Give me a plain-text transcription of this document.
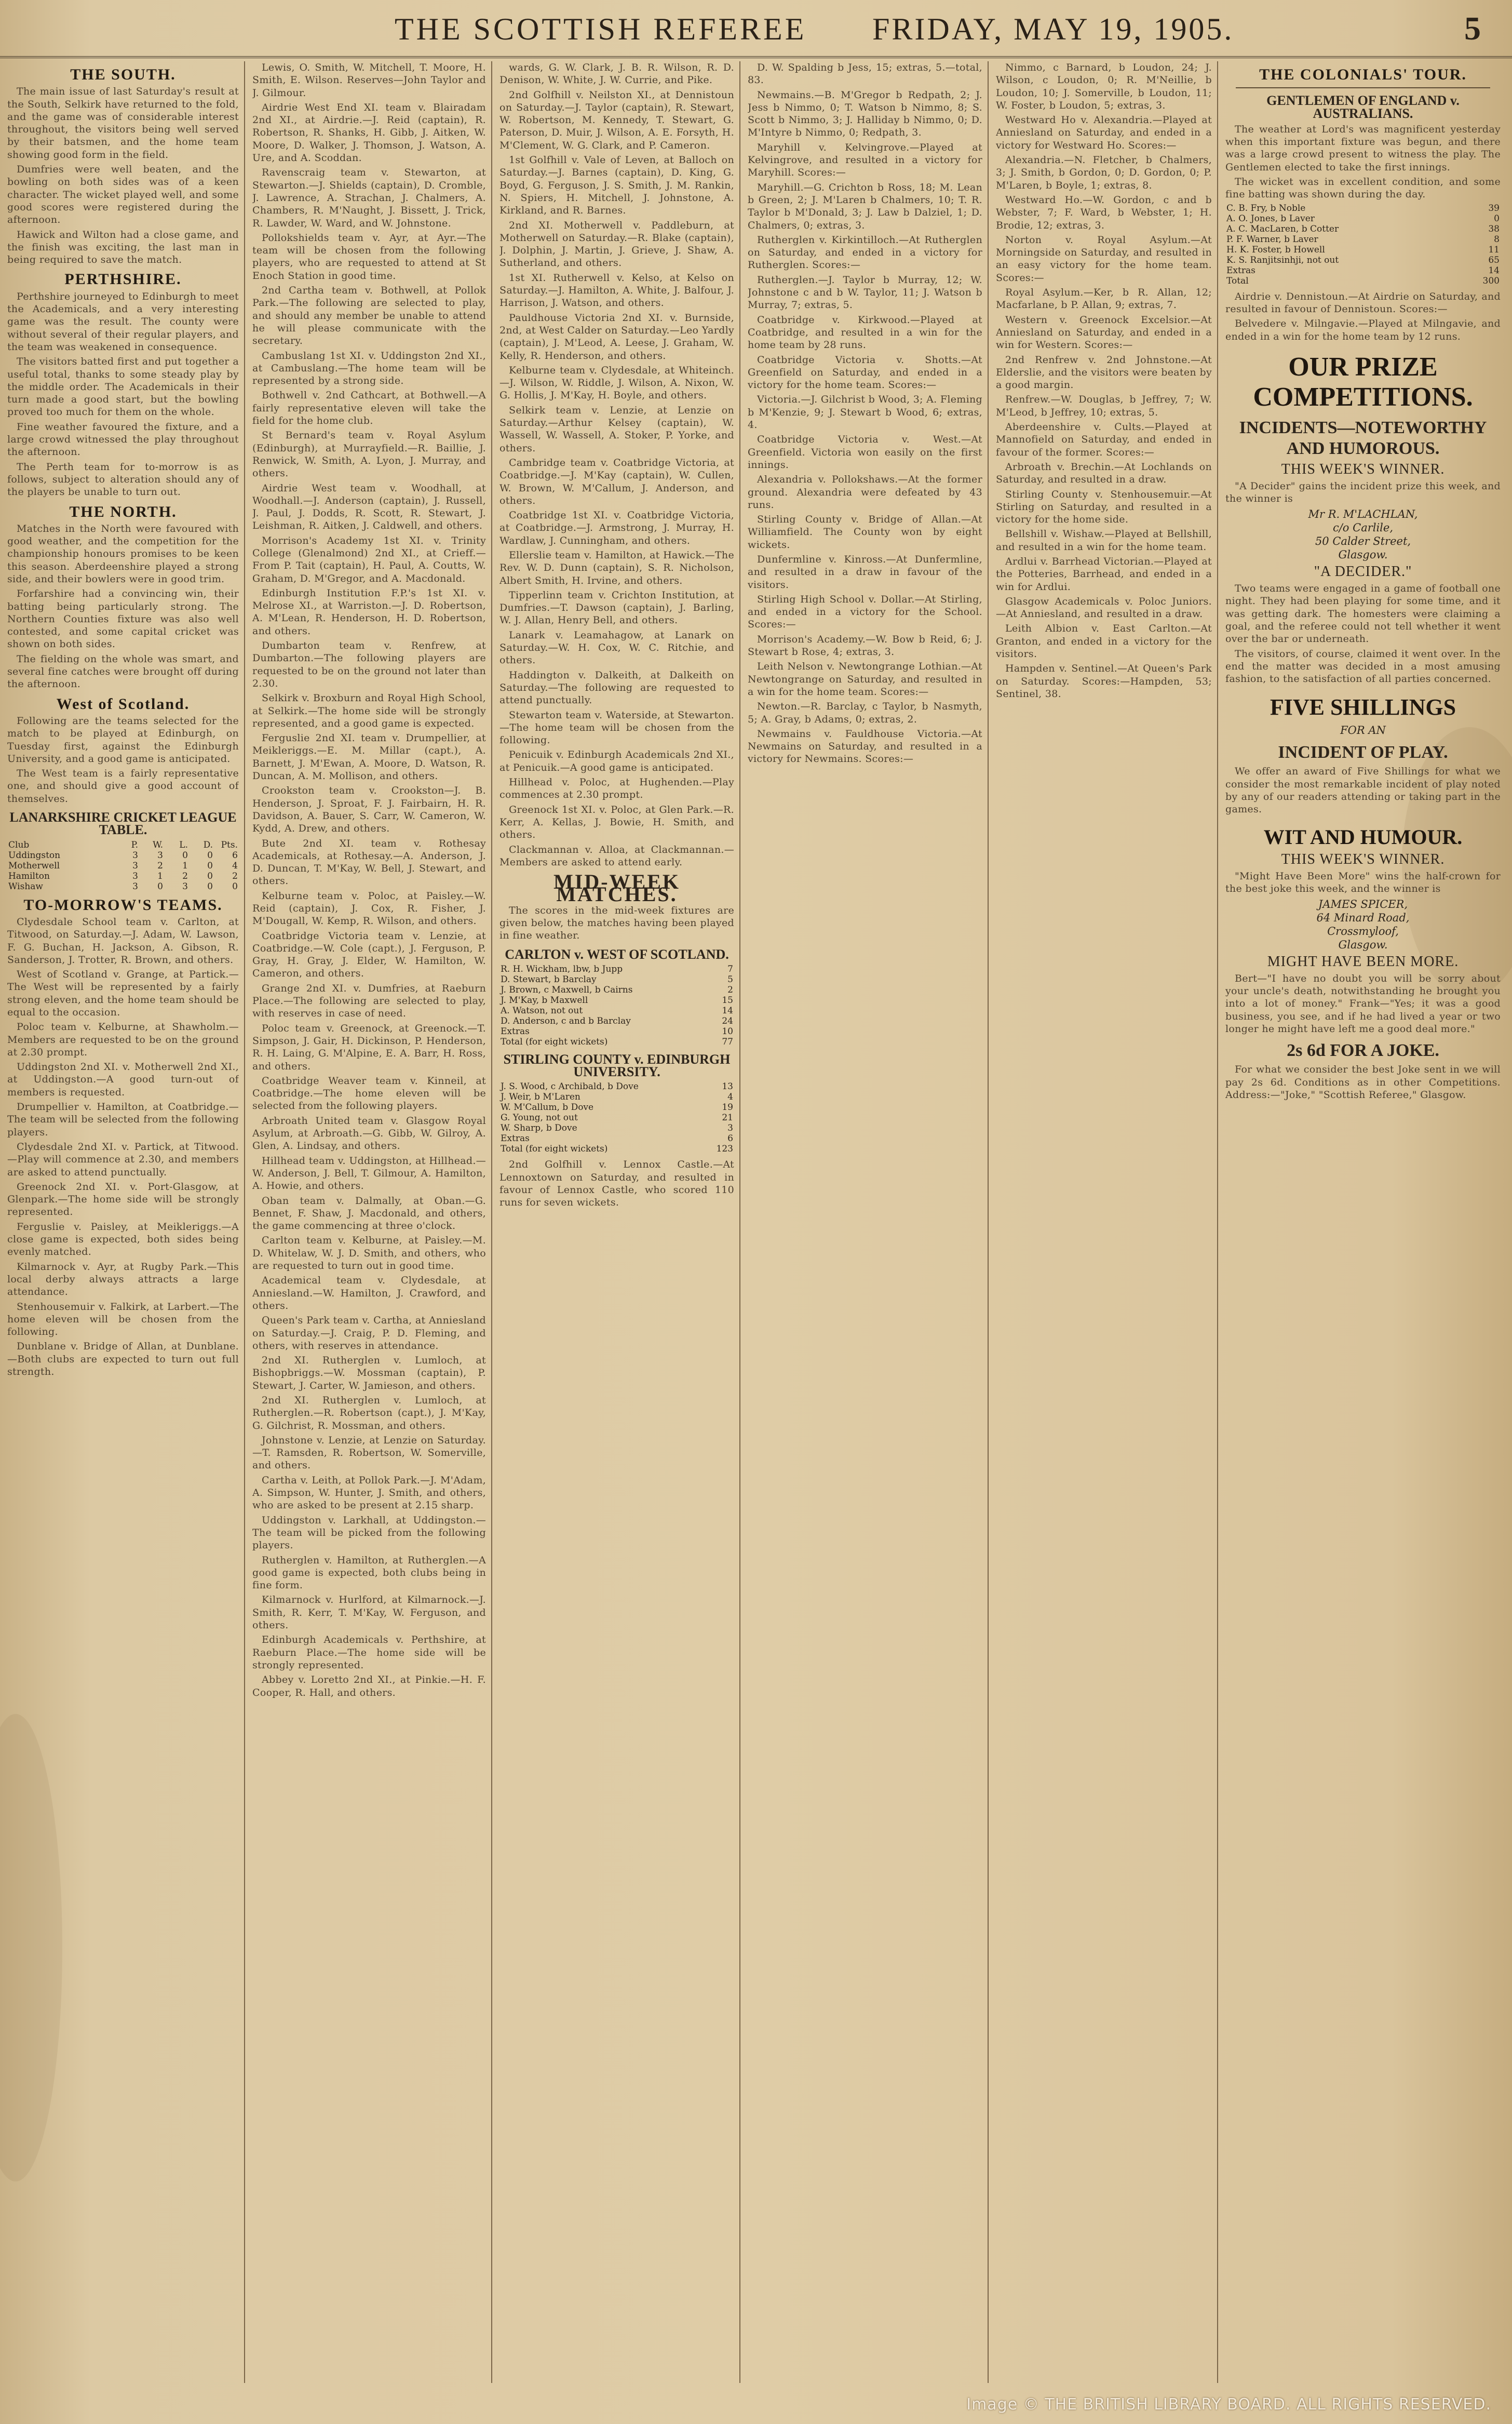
THE SCOTTISH REFEREE FRIDAY, MAY 19, 1905.	5
THE SOUTH.

The main issue of last Saturday's result at the South, Selkirk have returned to the fold, and the game was of considerable interest throughout, the visitors being well served by their batsmen, and the home team showing good form in the field.

Dumfries were well beaten, and the bowling on both sides was of a keen character. The wicket played well, and some good scores were registered during the afternoon.

Hawick and Wilton had a close game, and the finish was exciting, the last man in being required to save the match.

PERTHSHIRE.

Perthshire journeyed to Edinburgh to meet the Academicals, and a very interesting game was the result. The county were without several of their regular players, and the team was weakened in consequence.

The visitors batted first and put together a useful total, thanks to some steady play by the middle order. The Academicals in their turn made a good start, but the bowling proved too much for them on the whole.

Fine weather favoured the fixture, and a large crowd witnessed the play throughout the afternoon.

The Perth team for to-morrow is as follows, subject to alteration should any of the players be unable to turn out.

THE NORTH.

Matches in the North were favoured with good weather, and the competition for the championship honours promises to be keen this season. Aberdeenshire played a strong side, and their bowlers were in good trim.

Forfarshire had a convincing win, their batting being particularly strong. The Northern Counties fixture was also well contested, and some capital cricket was shown on both sides.

The fielding on the whole was smart, and several fine catches were brought off during the afternoon.

West of Scotland.

Following are the teams selected for the match to be played at Edinburgh, on Tuesday first, against the Edinburgh University, and a good game is anticipated.

The West team is a fairly representative one, and should give a good account of themselves.

LANARKSHIRE CRICKET LEAGUE TABLE.
Club	P.	W.	L.	D.	Pts.
Uddingston	3	3	0	0	6
Motherwell	3	2	1	0	4
Hamilton	3	1	2	0	2
Wishaw	3	0	3	0	0
TO-MORROW'S TEAMS.

Clydesdale School team v. Carlton, at Titwood, on Saturday.—J. Adam, W. Lawson, F. G. Buchan, H. Jackson, A. Gibson, R. Sanderson, J. Trotter, R. Brown, and others.

West of Scotland v. Grange, at Partick.—The West will be represented by a fairly strong eleven, and the home team should be equal to the occasion.

Poloc team v. Kelburne, at Shawholm.—Members are requested to be on the ground at 2.30 prompt.

Uddingston 2nd XI. v. Motherwell 2nd XI., at Uddingston.—A good turn-out of members is requested.

Drumpellier v. Hamilton, at Coatbridge.—The team will be selected from the following players.

Clydesdale 2nd XI. v. Partick, at Titwood.—Play will commence at 2.30, and members are asked to attend punctually.

Greenock 2nd XI. v. Port-Glasgow, at Glenpark.—The home side will be strongly represented.

Ferguslie v. Paisley, at Meikleriggs.—A close game is expected, both sides being evenly matched.

Kilmarnock v. Ayr, at Rugby Park.—This local derby always attracts a large attendance.

Stenhousemuir v. Falkirk, at Larbert.—The home eleven will be chosen from the following.

Dunblane v. Bridge of Allan, at Dunblane.—Both clubs are expected to turn out full strength.

Lewis, O. Smith, W. Mitchell, T. Moore, H. Smith, E. Wilson. Reserves—John Taylor and J. Gilmour.

Airdrie West End XI. team v. Blairadam 2nd XI., at Airdrie.—J. Reid (captain), R. Robertson, R. Shanks, H. Gibb, J. Aitken, W. Moore, D. Walker, J. Thomson, J. Watson, A. Ure, and A. Scoddan.

Ravenscraig team v. Stewarton, at Stewarton.—J. Shields (captain), D. Cromble, J. Lawrence, A. Strachan, J. Chalmers, A. Chambers, R. M'Naught, J. Bissett, J. Trick, R. Lawder, W. Ward, and W. Johnstone.

Pollokshields team v. Ayr, at Ayr.—The team will be chosen from the following players, who are requested to attend at St Enoch Station in good time.

2nd Cartha team v. Bothwell, at Pollok Park.—The following are selected to play, and should any member be unable to attend he will please communicate with the secretary.

Cambuslang 1st XI. v. Uddingston 2nd XI., at Cambuslang.—The home team will be represented by a strong side.

Bothwell v. 2nd Cathcart, at Bothwell.—A fairly representative eleven will take the field for the home club.

St Bernard's team v. Royal Asylum (Edinburgh), at Murrayfield.—R. Baillie, J. Renwick, W. Smith, A. Lyon, J. Murray, and others.

Airdrie West team v. Woodhall, at Woodhall.—J. Anderson (captain), J. Russell, J. Paul, J. Dodds, R. Scott, R. Stewart, J. Leishman, R. Aitken, J. Caldwell, and others.

Morrison's Academy 1st XI. v. Trinity College (Glenalmond) 2nd XI., at Crieff.—From P. Tait (captain), H. Paul, A. Coutts, W. Graham, D. M'Gregor, and A. Macdonald.

Edinburgh Institution F.P.'s 1st XI. v. Melrose XI., at Warriston.—J. D. Robertson, A. M'Lean, R. Henderson, H. D. Robertson, and others.

Dumbarton team v. Renfrew, at Dumbarton.—The following players are requested to be on the ground not later than 2.30.

Selkirk v. Broxburn and Royal High School, at Selkirk.—The home side will be strongly represented, and a good game is expected.

Ferguslie 2nd XI. team v. Drumpellier, at Meikleriggs.—E. M. Millar (capt.), A. Barnett, J. M'Ewan, A. Moore, D. Watson, R. Duncan, A. M. Mollison, and others.

Crookston team v. Crookston—J. B. Henderson, J. Sproat, F. J. Fairbairn, H. R. Davidson, A. Bauer, S. Carr, W. Cameron, W. Kydd, A. Drew, and others.

Bute 2nd XI. team v. Rothesay Academicals, at Rothesay.—A. Anderson, J. D. Duncan, T. M'Kay, W. Bell, J. Stewart, and others.

Kelburne team v. Poloc, at Paisley.—W. Reid (captain), J. Cox, R. Fisher, J. M'Dougall, W. Kemp, R. Wilson, and others.

Coatbridge Victoria team v. Lenzie, at Coatbridge.—W. Cole (capt.), J. Ferguson, P. Gray, H. Gray, J. Elder, W. Hamilton, W. Cameron, and others.

Grange 2nd XI. v. Dumfries, at Raeburn Place.—The following are selected to play, with reserves in case of need.

Poloc team v. Greenock, at Greenock.—T. Simpson, J. Gair, H. Dickinson, P. Henderson, R. H. Laing, G. M'Alpine, E. A. Barr, H. Ross, and others.

Coatbridge Weaver team v. Kinneil, at Coatbridge.—The home eleven will be selected from the following players.

Arbroath United team v. Glasgow Royal Asylum, at Arbroath.—G. Gibb, W. Gilroy, A. Glen, A. Lindsay, and others.

Hillhead team v. Uddingston, at Hillhead.—W. Anderson, J. Bell, T. Gilmour, A. Hamilton, A. Howie, and others.

Oban team v. Dalmally, at Oban.—G. Bennet, F. Shaw, J. Macdonald, and others, the game commencing at three o'clock.

Carlton team v. Kelburne, at Paisley.—M. D. Whitelaw, W. J. D. Smith, and others, who are requested to turn out in good time.

Academical team v. Clydesdale, at Anniesland.—W. Hamilton, J. Crawford, and others.

Queen's Park team v. Cartha, at Anniesland on Saturday.—J. Craig, P. D. Fleming, and others, with reserves in attendance.

2nd XI. Rutherglen v. Lumloch, at Bishopbriggs.—W. Mossman (captain), P. Stewart, J. Carter, W. Jamieson, and others.

2nd XI. Rutherglen v. Lumloch, at Rutherglen.—R. Robertson (capt.), J. M'Kay, G. Gilchrist, R. Mossman, and others.

Johnstone v. Lenzie, at Lenzie on Saturday.—T. Ramsden, R. Robertson, W. Somerville, and others.

Cartha v. Leith, at Pollok Park.—J. M'Adam, A. Simpson, W. Hunter, J. Smith, and others, who are asked to be present at 2.15 sharp.

Uddingston v. Larkhall, at Uddingston.—The team will be picked from the following players.

Rutherglen v. Hamilton, at Rutherglen.—A good game is expected, both clubs being in fine form.

Kilmarnock v. Hurlford, at Kilmarnock.—J. Smith, R. Kerr, T. M'Kay, W. Ferguson, and others.

Edinburgh Academicals v. Perthshire, at Raeburn Place.—The home side will be strongly represented.

Abbey v. Loretto 2nd XI., at Pinkie.—H. F. Cooper, R. Hall, and others.

wards, G. W. Clark, J. B. R. Wilson, R. D. Denison, W. White, J. W. Currie, and Pike.

2nd Golfhill v. Neilston XI., at Dennistoun on Saturday.—J. Taylor (captain), R. Stewart, W. Robertson, M. Kennedy, T. Stewart, G. Paterson, D. Muir, J. Wilson, A. E. Forsyth, H. M'Clement, W. G. Clark, and P. Cameron.

1st Golfhill v. Vale of Leven, at Balloch on Saturday.—J. Barnes (captain), D. King, G. Boyd, G. Ferguson, J. S. Smith, J. M. Rankin, N. Spiers, H. Mitchell, J. Johnstone, A. Kirkland, and R. Barnes.

2nd XI. Motherwell v. Paddleburn, at Motherwell on Saturday.—R. Blake (captain), J. Dolphin, J. Martin, J. Grieve, J. Shaw, A. Sutherland, and others.

1st XI. Rutherwell v. Kelso, at Kelso on Saturday.—J. Hamilton, A. White, J. Balfour, J. Harrison, J. Watson, and others.

Pauldhouse Victoria 2nd XI. v. Burnside, 2nd, at West Calder on Saturday.—Leo Yardly (captain), J. M'Leod, A. Leese, J. Graham, W. Kelly, R. Henderson, and others.

Kelburne team v. Clydesdale, at Whiteinch.—J. Wilson, W. Riddle, J. Wilson, A. Nixon, W. G. Hollis, J. M'Kay, H. Boyle, and others.

Selkirk team v. Lenzie, at Lenzie on Saturday.—Arthur Kelsey (captain), W. Wassell, W. Wassell, A. Stoker, P. Yorke, and others.

Cambridge team v. Coatbridge Victoria, at Coatbridge.—J. M'Kay (captain), W. Cullen, W. Brown, W. M'Callum, J. Anderson, and others.

Coatbridge 1st XI. v. Coatbridge Victoria, at Coatbridge.—J. Armstrong, J. Murray, H. Wardlaw, J. Cunningham, and others.

Ellerslie team v. Hamilton, at Hawick.—The Rev. W. D. Dunn (captain), S. R. Nicholson, Albert Smith, H. Irvine, and others.

Tipperlinn team v. Crichton Institution, at Dumfries.—T. Dawson (captain), J. Barling, W. J. Allan, Henry Bell, and others.

Lanark v. Leamahagow, at Lanark on Saturday.—W. H. Cox, W. C. Ritchie, and others.

Haddington v. Dalkeith, at Dalkeith on Saturday.—The following are requested to attend punctually.

Stewarton team v. Waterside, at Stewarton.—The home team will be chosen from the following.

Penicuik v. Edinburgh Academicals 2nd XI., at Penicuik.—A good game is anticipated.

Hillhead v. Poloc, at Hughenden.—Play commences at 2.30 prompt.

Greenock 1st XI. v. Poloc, at Glen Park.—R. Kerr, A. Kellas, J. Bowie, H. Smith, and others.

Clackmannan v. Alloa, at Clackmannan.—Members are asked to attend early.

MID-WEEK MATCHES.

The scores in the mid-week fixtures are given below, the matches having been played in fine weather.

CARLTON v. WEST OF SCOTLAND.
R. H. Wickham, lbw, b Jupp	7
D. Stewart, b Barclay	5
J. Brown, c Maxwell, b Cairns	2
J. M'Kay, b Maxwell	15
A. Watson, not out	14
D. Anderson, c and b Barclay	24
Extras	10
Total (for eight wickets)	77
STIRLING COUNTY v. EDINBURGH UNIVERSITY.
J. S. Wood, c Archibald, b Dove	13
J. Weir, b M'Laren	4
W. M'Callum, b Dove	19
G. Young, not out	21
W. Sharp, b Dove	3
Extras	6
Total (for eight wickets)	123

2nd Golfhill v. Lennox Castle.—At Lennoxtown on Saturday, and resulted in favour of Lennox Castle, who scored 110 runs for seven wickets.

D. W. Spalding b Jess, 15; extras, 5.—total, 83.

Newmains.—B. M'Gregor b Redpath, 2; J. Jess b Nimmo, 0; T. Watson b Nimmo, 8; S. Scott b Nimmo, 3; J. Halliday b Nimmo, 0; D. M'Intyre b Nimmo, 0; Redpath, 3.

Maryhill v. Kelvingrove.—Played at Kelvingrove, and resulted in a victory for Maryhill. Scores:—

Maryhill.—G. Crichton b Ross, 18; M. Lean b Green, 2; J. M'Laren b Chalmers, 10; T. R. Taylor b M'Donald, 3; J. Law b Dalziel, 1; D. Chalmers, 0; extras, 3.

Rutherglen v. Kirkintilloch.—At Rutherglen on Saturday, and ended in a victory for Rutherglen. Scores:—

Rutherglen.—J. Taylor b Murray, 12; W. Johnstone c and b W. Taylor, 11; J. Watson b Murray, 7; extras, 5.

Coatbridge v. Kirkwood.—Played at Coatbridge, and resulted in a win for the home team by 28 runs.

Coatbridge Victoria v. Shotts.—At Greenfield on Saturday, and ended in a victory for the home team. Scores:—

Victoria.—J. Gilchrist b Wood, 3; A. Fleming b M'Kenzie, 9; J. Stewart b Wood, 6; extras, 4.

Coatbridge Victoria v. West.—At Greenfield. Victoria won easily on the first innings.

Alexandria v. Pollokshaws.—At the former ground. Alexandria were defeated by 43 runs.

Stirling County v. Bridge of Allan.—At Williamfield. The County won by eight wickets.

Dunfermline v. Kinross.—At Dunfermline, and resulted in a draw in favour of the visitors.

Stirling High School v. Dollar.—At Stirling, and ended in a victory for the School. Scores:—

Morrison's Academy.—W. Bow b Reid, 6; J. Stewart b Rose, 4; extras, 3.

Leith Nelson v. Newtongrange Lothian.—At Newtongrange on Saturday, and resulted in a win for the home team. Scores:—

Newton.—R. Barclay, c Taylor, b Nasmyth, 5; A. Gray, b Adams, 0; extras, 2.

Newmains v. Fauldhouse Victoria.—At Newmains on Saturday, and resulted in a victory for Newmains. Scores:—

Nimmo, c Barnard, b Loudon, 24; J. Wilson, c Loudon, 0; R. M'Neillie, b Loudon, 10; J. Somerville, b Loudon, 11; W. Foster, b Loudon, 5; extras, 3.

Westward Ho v. Alexandria.—Played at Anniesland on Saturday, and ended in a victory for Westward Ho. Scores:—

Alexandria.—N. Fletcher, b Chalmers, 3; J. Smith, b Gordon, 0; D. Gordon, 0; P. M'Laren, b Boyle, 1; extras, 8.

Westward Ho.—W. Gordon, c and b Webster, 7; F. Ward, b Webster, 1; H. Brodie, 12; extras, 3.

Norton v. Royal Asylum.—At Morningside on Saturday, and resulted in an easy victory for the home team. Scores:—

Royal Asylum.—Ker, b R. Allan, 12; Macfarlane, b P. Allan, 9; extras, 7.

Western v. Greenock Excelsior.—At Anniesland on Saturday, and ended in a win for Western. Scores:—

2nd Renfrew v. 2nd Johnstone.—At Elderslie, and the visitors were beaten by a good margin.

Renfrew.—W. Douglas, b Jeffrey, 7; W. M'Leod, b Jeffrey, 10; extras, 5.

Aberdeenshire v. Cults.—Played at Mannofield on Saturday, and ended in favour of the former. Scores:—

Arbroath v. Brechin.—At Lochlands on Saturday, and resulted in a draw.

Stirling County v. Stenhousemuir.—At Stirling on Saturday, and resulted in a victory for the home side.

Bellshill v. Wishaw.—Played at Bellshill, and resulted in a win for the home team.

Ardlui v. Barrhead Victorian.—Played at the Potteries, Barrhead, and ended in a win for Ardlui.

Glasgow Academicals v. Poloc Juniors.—At Anniesland, and resulted in a draw.

Leith Albion v. East Carlton.—At Granton, and ended in a victory for the visitors.

Hampden v. Sentinel.—At Queen's Park on Saturday. Scores:—Hampden, 53; Sentinel, 38.

THE COLONIALS' TOUR.
GENTLEMEN OF ENGLAND v. AUSTRALIANS.

The weather at Lord's was magnificent yesterday when this important fixture was begun, and there was a large crowd present to witness the play. The Gentlemen elected to take the first innings.

The wicket was in excellent condition, and some fine batting was shown during the day.

C. B. Fry, b Noble	39
A. O. Jones, b Laver	0
A. C. MacLaren, b Cotter	38
P. F. Warner, b Laver	8
H. K. Foster, b Howell	11
K. S. Ranjitsinhji, not out	65
Extras	14
Total	300

Airdrie v. Dennistoun.—At Airdrie on Saturday, and resulted in favour of Dennistoun. Scores:—

Belvedere v. Milngavie.—Played at Milngavie, and ended in a win for the home team by 12 runs.

OUR PRIZE COMPETITIONS.
INCIDENTS—NOTEWORTHY AND HUMOROUS.
THIS WEEK'S WINNER.

"A Decider" gains the incident prize this week, and the winner is

Mr R. M'LACHLAN,
c/o Carlile,
50 Calder Street,
Glasgow.
"A DECIDER."

Two teams were engaged in a game of football one night. They had been playing for some time, and it was getting dark. The homesters were claiming a goal, and the referee could not tell whether it went over the bar or underneath.

The visitors, of course, claimed it went over. In the end the matter was decided in a most amusing fashion, to the satisfaction of all parties concerned.

FIVE SHILLINGS
FOR AN
INCIDENT OF PLAY.

We offer an award of Five Shillings for what we consider the most remarkable incident of play noted by any of our readers attending or taking part in the games.

WIT AND HUMOUR.
THIS WEEK'S WINNER.

"Might Have Been More" wins the half-crown for the best joke this week, and the winner is

JAMES SPICER,
64 Minard Road,
Crossmyloof,
Glasgow.
MIGHT HAVE BEEN MORE.

Bert—"I have no doubt you will be sorry about your uncle's death, notwithstanding he brought you into a lot of money." Frank—"Yes; it was a good business, you see, and if he had lived a year or two longer he might have left me a good deal more."

2s 6d FOR A JOKE.

For what we consider the best Joke sent in we will pay 2s 6d. Conditions as in other Competitions. Address:—"Joke," "Scottish Referee," Glasgow.

Image © THE BRITISH LIBRARY BOARD. ALL RIGHTS RESERVED.
